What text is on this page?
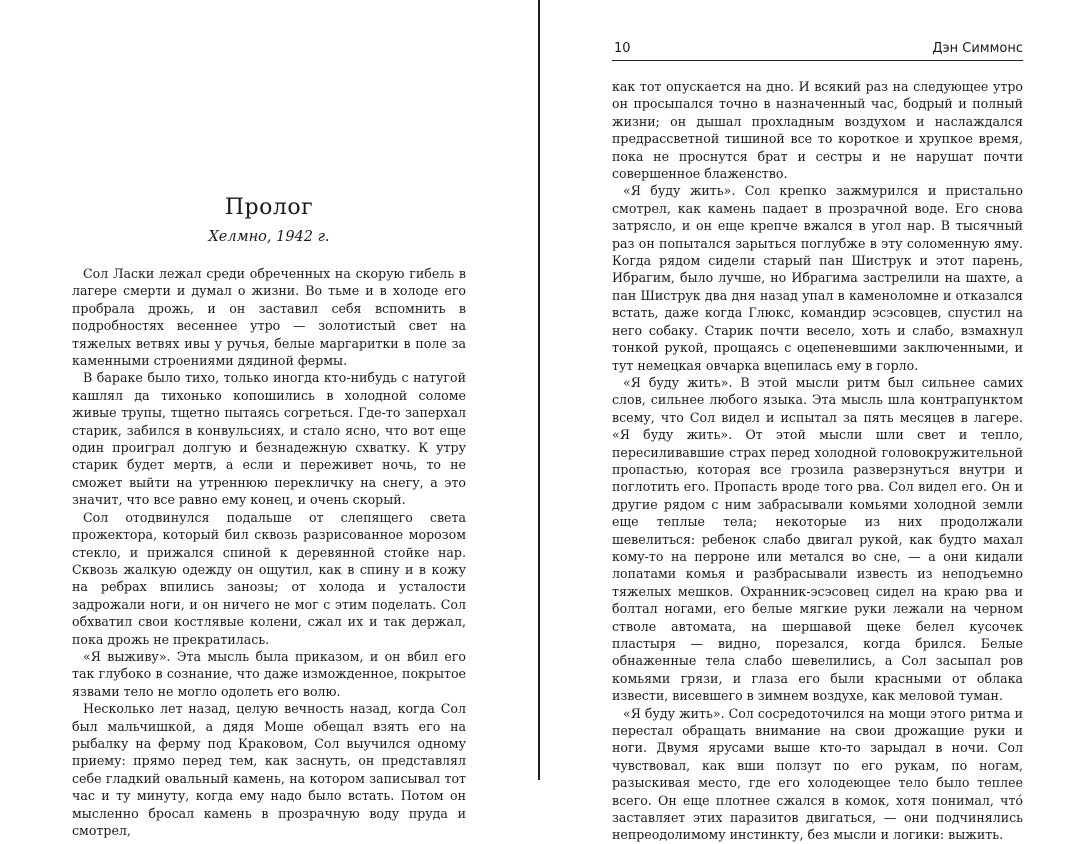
Пролог
Хелмно, 1942 г.

Сол Ласки лежал среди обреченных на скорую гибель в лагере смерти и думал о жизни. Во тьме и в холоде его пробрала дрожь, и он заставил себя вспомнить в подробностях весеннее утро — золотистый свет на тяжелых ветвях ивы у ручья, белые маргаритки в поле за каменными строениями дядиной фермы.

В бараке было тихо, только иногда кто-нибудь с натугой кашлял да тихонько копошились в холодной соломе живые трупы, тщетно пытаясь согреться. Где-то заперхал старик, забился в конвульсиях, и стало ясно, что вот еще один проиграл долгую и безнадежную схватку. К утру старик будет мертв, а если и переживет ночь, то не сможет выйти на утреннюю перекличку на снегу, а это значит, что все равно ему конец, и очень скорый.

Сол отодвинулся подальше от слепящего света прожектора, который бил сквозь разрисованное морозом стекло, и прижался спиной к деревянной стойке нар. Сквозь жалкую одежду он ощутил, как в спину и в кожу на ребрах впились занозы; от холода и усталости задрожали ноги, и он ничего не мог с этим поделать. Сол обхватил свои костлявые колени, сжал их и так держал, пока дрожь не прекратилась.

«Я выживу». Эта мысль была приказом, и он вбил его так глубоко в сознание, что даже изможденное, покрытое язвами тело не могло одолеть его волю.

Несколько лет назад, целую вечность назад, когда Сол был мальчишкой, а дядя Моше обещал взять его на рыбалку на ферму под Краковом, Сол выучился одному приему: прямо перед тем, как заснуть, он представлял себе гладкий овальный камень, на котором записывал тот час и ту минуту, когда ему надо было встать. Потом он мысленно бросал камень в прозрачную воду пруда и смотрел,

10	Дэн Симмонс

как тот опускается на дно. И всякий раз на следующее утро он просыпался точно в назначенный час, бодрый и полный жизни; он дышал прохладным воздухом и наслаждался предрассветной тишиной все то короткое и хрупкое время, пока не проснутся брат и сестры и не нарушат почти совершенное блаженство.

«Я буду жить». Сол крепко зажмурился и пристально смотрел, как камень падает в прозрачной воде. Его снова затрясло, и он еще крепче вжался в угол нар. В тысячный раз он попытался зарыться поглубже в эту соломенную яму. Когда рядом сидели старый пан Шиструк и этот парень, Ибрагим, было лучше, но Ибрагима застрелили на шахте, а пан Шиструк два дня назад упал в каменоломне и отказался встать, даже когда Глюкс, командир эсэсовцев, спустил на него собаку. Старик почти весело, хоть и слабо, взмахнул тонкой рукой, прощаясь с оцепеневшими заключенными, и тут немецкая овчарка вцепилась ему в горло.

«Я буду жить». В этой мысли ритм был сильнее самих слов, сильнее любого языка. Эта мысль шла контрапунктом всему, что Сол видел и испытал за пять месяцев в лагере. «Я буду жить». От этой мысли шли свет и тепло, пересиливавшие страх перед холодной головокружительной пропастью, которая все грозила разверзнуться внутри и поглотить его. Пропасть вроде того рва. Сол видел его. Он и другие рядом с ним забрасывали комьями холодной земли еще теплые тела; некоторые из них продолжали шевелиться: ребенок слабо двигал рукой, как будто махал кому-то на перроне или метался во сне, — а они кидали лопатами комья и разбрасывали известь из неподъемно тяжелых мешков. Охранник-эсэсовец сидел на краю рва и болтал ногами, его белые мягкие руки лежали на черном стволе автомата, на шершавой щеке белел кусочек пластыря — видно, порезался, когда брился. Белые обнаженные тела слабо шевелились, а Сол засыпал ров комьями грязи, и глаза его были красными от облака извести, висевшего в зимнем воздухе, как меловой туман.

«Я буду жить». Сол сосредоточился на мощи этого ритма и перестал обращать внимание на свои дрожащие руки и ноги. Двумя ярусами выше кто-то зарыдал в ночи. Сол чувствовал, как вши ползут по его рукам, по ногам, разыскивая место, где его холодеющее тело было теплее всего. Он еще плотнее сжался в комок, хотя понимал, что́ заставляет этих паразитов двигаться, — они подчинялись непреодолимому инстинкту, без мысли и логики: выжить.
